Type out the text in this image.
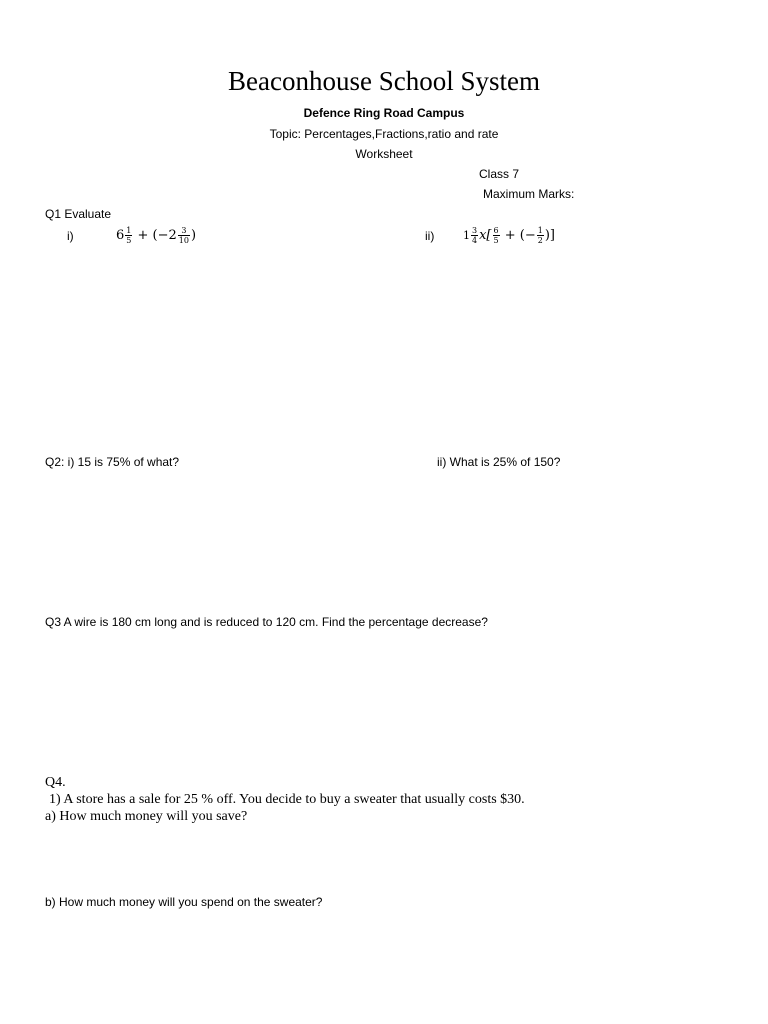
Beaconhouse School System
Defence Ring Road Campus
Topic: Percentages,Fractions,ratio and rate
Worksheet
Class 7
Maximum Marks:
Q1 Evaluate
i)	$6 \frac{1}{5} + (-2 \frac{3}{10}$ )	ii)	$1 \frac{3}{4} x[ \frac{6}{5}$ + (− $\frac{1}{2}$ )]
Q2: i) 15 is 75% of what?	ii) What is 25% of 150?
Q3 A wire is 180 cm long and is reduced to 120 cm. Find the percentage decrease?
Q4.
1) A store has a sale for 25 % off. You decide to buy a sweater that usually costs $30.
a) How much money will you save?
b) How much money will you spend on the sweater?
